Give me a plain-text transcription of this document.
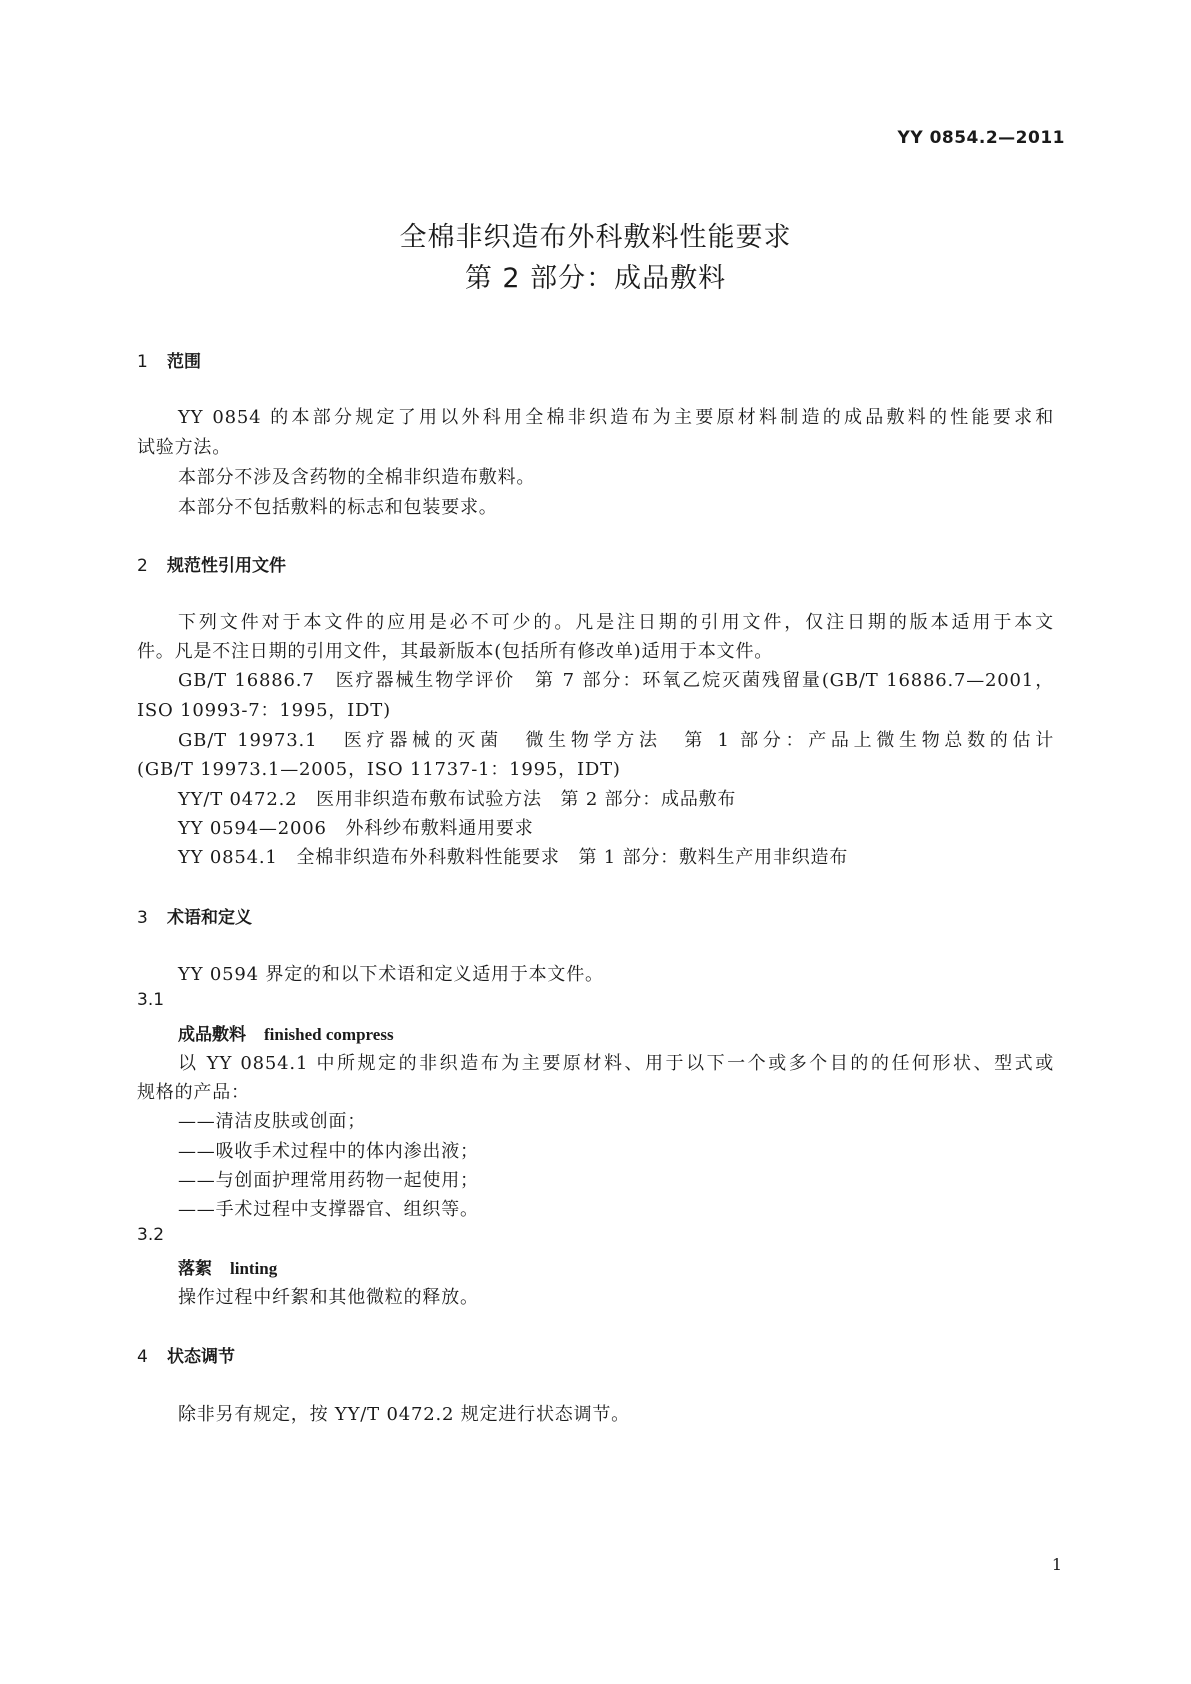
YY 0854.2—2011
全棉非织造布外科敷料性能要求
第 2 部分：成品敷料
1 范围
YY 0854 的本部分规定了用以外科用全棉非织造布为主要原材料制造的成品敷料的性能要求和
试验方法。
本部分不涉及含药物的全棉非织造布敷料。
本部分不包括敷料的标志和包装要求。
2 规范性引用文件
下列文件对于本文件的应用是必不可少的。凡是注日期的引用文件，仅注日期的版本适用于本文
件。凡是不注日期的引用文件，其最新版本(包括所有修改单)适用于本文件。
GB/T 16886.7　医疗器械生物学评价　第 7 部分：环氧乙烷灭菌残留量(GB/T 16886.7—2001，
ISO 10993-7：1995，IDT)
GB/T 19973.1　医疗器械的灭菌　微生物学方法　第 1 部分：产品上微生物总数的估计
(GB/T 19973.1—2005，ISO 11737-1：1995，IDT)
YY/T 0472.2　医用非织造布敷布试验方法　第 2 部分：成品敷布
YY 0594—2006　外科纱布敷料通用要求
YY 0854.1　全棉非织造布外科敷料性能要求　第 1 部分：敷料生产用非织造布
3 术语和定义
YY 0594 界定的和以下术语和定义适用于本文件。
3.1
成品敷料 finished compress
以 YY 0854.1 中所规定的非织造布为主要原材料、用于以下一个或多个目的的任何形状、型式或
规格的产品：
——清洁皮肤或创面；
——吸收手术过程中的体内渗出液；
——与创面护理常用药物一起使用；
——手术过程中支撑器官、组织等。
3.2
落絮 linting
操作过程中纤絮和其他微粒的释放。
4 状态调节
除非另有规定，按 YY/T 0472.2 规定进行状态调节。
1
